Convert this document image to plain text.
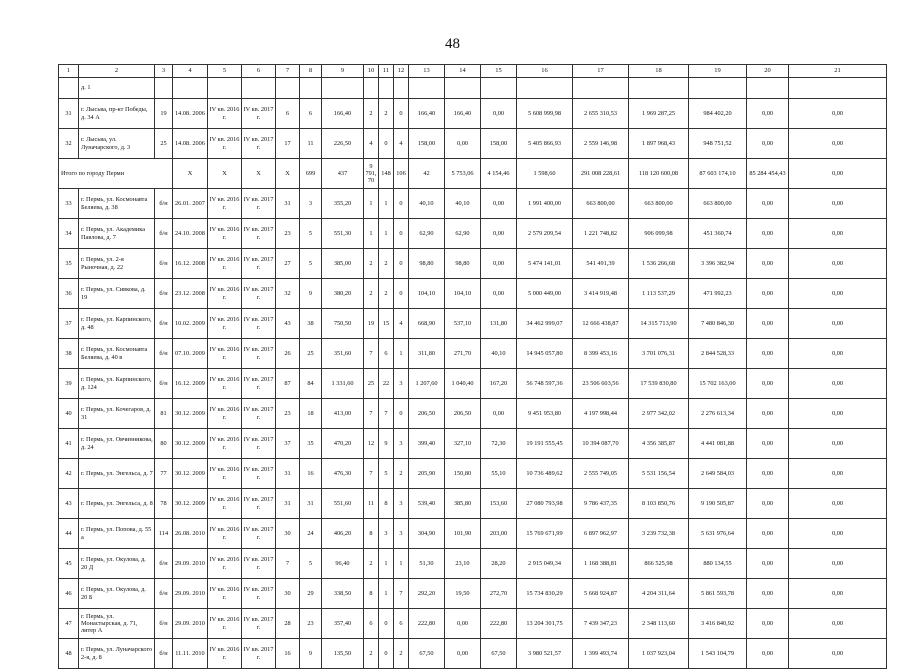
48
1	2	3	4	5	6	7	8	9	10	11	12	13	14	15	16	17	18	19	20	21	
	д. 1																				
31	г. Лысьва, пр-кт Победы, д. 34 А	19	14.08. 2006	IV кв. 2016 г.	IV кв. 2017 г.	6	6	166,40	2	2	0	166,40	166,40	0,00	5 608 999,98	2 655 310,53	1 969 287,25	984 402,20	0,00	0,00	
32	г. Лысьва, ул. Луначарского, д. 3	25	14.08. 2006	IV кв. 2016 г.	IV кв. 2017 г.	17	11	226,50	4	0	4	158,00	0,00	158,00	5 405 866,93	2 559 146,98	1 897 968,43	948 751,52	0,00	0,00	
Итого по городу Перми			X	X	X	X	699	437	9 791,70	148	106	42	5 753,06	4 154,46	1 598,60	291 008 228,61	118 120 600,08	87 603 174,10	85 284 454,43	0,00	
33	г. Пермь, ул. Космонавта Беляева, д. 38	б/н	26.01. 2007	IV кв. 2016 г.	IV кв. 2017 г.	31	3	355,20	1	1	0	40,10	40,10	0,00	1 991 400,00	663 800,00	663 800,00	663 800,00	0,00	0,00	
34	г. Пермь, ул. Академика Павлова, д. 7	б/н	24.10. 2008	IV кв. 2016 г.	IV кв. 2017 г.	23	5	551,30	1	1	0	62,90	62,90	0,00	2 579 209,54	1 221 748,82	906 099,98	451 360,74	0,00	0,00	
35	г. Пермь, ул. 2-я Рыночная, д. 22	б/н	16.12. 2008	IV кв. 2016 г.	IV кв. 2017 г.	27	5	385,00	2	2	0	98,80	98,80	0,00	5 474 141,01	541 491,39	1 536 266,68	3 396 382,94	0,00	0,00	
36	г. Пермь, ул. Сивкова, д. 19	б/н	23.12. 2008	IV кв. 2016 г.	IV кв. 2017 г.	32	9	380,20	2	2	0	104,10	104,10	0,00	5 000 449,00	3 414 919,48	1 113 537,29	471 992,23	0,00	0,00	
37	г. Пермь, ул. Карпинского, д. 48	б/н	10.02. 2009	IV кв. 2016 г.	IV кв. 2017 г.	43	38	750,50	19	15	4	668,90	537,10	131,80	34 462 999,07	12 666 438,87	14 315 713,90	7 480 846,30	0,00	0,00	
38	г. Пермь, ул. Космонавта Беляева, д. 40 в	б/н	07.10. 2009	IV кв. 2016 г.	IV кв. 2017 г.	26	25	351,60	7	6	1	311,80	271,70	40,10	14 945 057,80	8 399 453,16	3 701 076,31	2 844 528,33	0,00	0,00	
39	г. Пермь, ул. Карпинского, д. 124	б/н	16.12. 2009	IV кв. 2016 г.	IV кв. 2017 г.	87	84	1 331,60	25	22	3	1 207,60	1 040,40	167,20	56 748 597,36	23 506 603,56	17 539 830,80	15 702 163,00	0,00	0,00	
40	г. Пермь, ул. Кочегаров, д. 31	81	30.12. 2009	IV кв. 2016 г.	IV кв. 2017 г.	23	18	413,00	7	7	0	206,50	206,50	0,00	9 451 953,80	4 197 998,44	2 977 342,02	2 276 613,34	0,00	0,00	
41	г. Пермь, ул. Овчинникова, д. 24	80	30.12. 2009	IV кв. 2016 г.	IV кв. 2017 г.	37	35	470,20	12	9	3	399,40	327,10	72,30	19 191 555,45	10 394 087,70	4 356 385,87	4 441 081,88	0,00	0,00	
42	г. Пермь, ул. Энгельса, д. 7	77	30.12. 2009	IV кв. 2016 г.	IV кв. 2017 г.	31	16	476,30	7	5	2	205,90	150,80	55,10	10 736 489,62	2 555 749,05	5 531 156,54	2 649 584,03	0,00	0,00	
43	г. Пермь, ул. Энгельса, д. 8	78	30.12. 2009	IV кв. 2016 г.	IV кв. 2017 г.	31	31	551,60	11	8	3	539,40	385,80	153,60	27 080 793,98	9 786 437,35	8 103 850,76	9 190 505,87	0,00	0,00	
44	г. Пермь, ул. Попова, д. 55 а	114	26.08. 2010	IV кв. 2016 г.	IV кв. 2017 г.	30	24	406,20	8	3	3	304,90	101,90	203,00	15 769 671,99	6 897 962,97	3 239 732,38	5 631 976,64	0,00	0,00	
45	г. Пермь, ул. Окулова, д. 20 Д	б/н	29.09. 2010	IV кв. 2016 г.	IV кв. 2017 г.	7	5	96,40	2	1	1	51,30	23,10	28,20	2 915 049,34	1 168 388,81	866 525,98	880 134,55	0,00	0,00	
46	г. Пермь, ул. Окулова, д. 20 Б	б/н	29.09. 2010	IV кв. 2016 г.	IV кв. 2017 г.	30	29	338,50	8	1	7	292,20	19,50	272,70	15 734 830,29	5 668 924,87	4 204 311,64	5 861 593,78	0,00	0,00	
47	г. Пермь, ул. Монастырская, д. 71, литер А	б/н	29.09. 2010	IV кв. 2016 г.	IV кв. 2017 г.	28	23	357,40	6	0	6	222,80	0,00	222,80	13 204 301,75	7 439 347,23	2 348 113,60	3 416 840,92	0,00	0,00	
48	г. Пермь, ул. Луначарского 2-я, д. 8	б/н	11.11. 2010	IV кв. 2016 г.	IV кв. 2017 г.	16	9	135,50	2	0	2	67,50	0,00	67,50	3 980 521,57	1 399 493,74	1 037 923,04	1 543 104,79	0,00	0,00	
